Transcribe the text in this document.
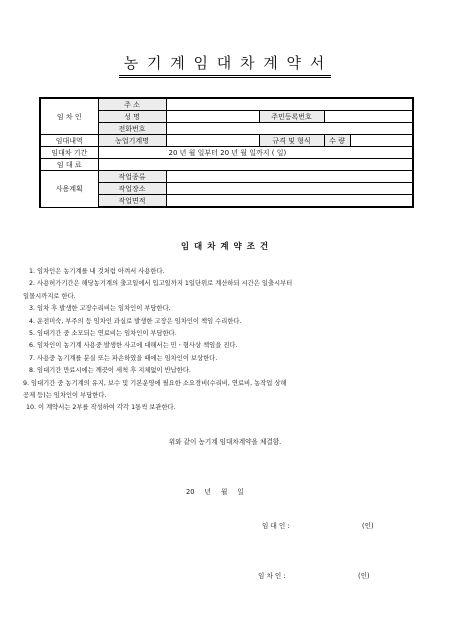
농 기 계 임 대 차 계 약 서
임 차 인	주 소				
	성 명		주민등록번호		
	전화번호				
임대내역	농업기계명		규격 및 형식	수 량	
임대차 기간	20 년 월 일부터 20 년 월 일까지 ( 일)				
임 대 료					
사용계획	작업종류				
	작업장소				
	작업면적				
임 대 차 계 약 조 건
1. 임차인은 농기계를 내 것처럼 아껴서 사용한다.
2. 사용허가기간은 해당농기계의 출고일에서 입고일까지 1일단위로 계산하되 시간은 일출시부터
일몰시까지로 한다.
3. 임차 후 발생한 고장수리비는 임차인이 부담한다.
4. 운전미숙, 부주의 등 임차인 과실로 발생한 고장은 임차인이 책임 수리한다.
5. 임대기간 중 소모되는 연료비는 임차인이 부담한다.
6. 임차인이 농기계 사용중 발생한 사고에 대해서는 민ㆍ형사상 책임을 진다.
7. 사용중 농기계를 분실 또는 파손하였을 때에는 임차인이 보상한다.
8. 임대기간 만료시에는 깨끗이 세척 후 지체없이 반납한다.
9. 임대기간 중 농기계의 유지, 보수 및 기본운영에 필요한 소요경비(수리비, 연료비, 농작업 상해
공제 등)는 임차인이 부담한다.
10. 이 계약서는 2부를 작성하여 각각 1통씩 보관한다.
위와 같이 농기계 임대차계약을 체결함.
20 년 월 일
임 대 인 :	(인)
임 차 인 :	(인)
